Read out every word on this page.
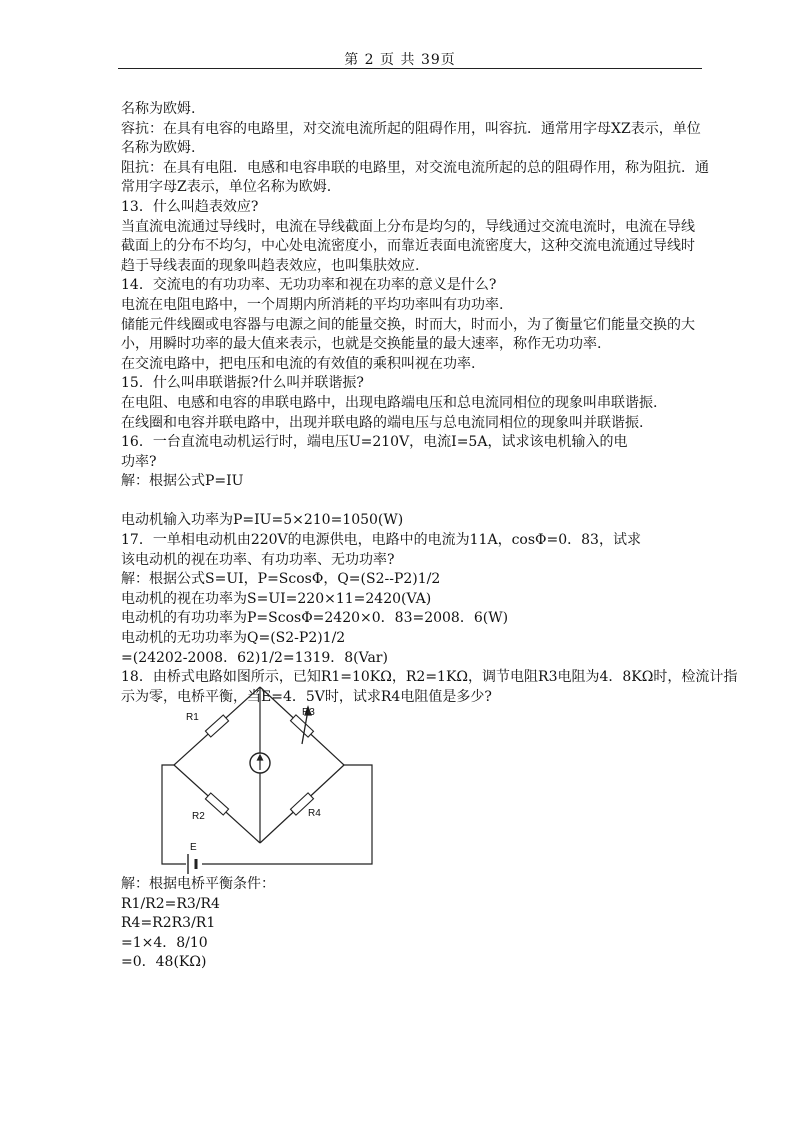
第 2 页 共 39页
名称为欧姆.
容抗：在具有电容的电路里，对交流电流所起的阻碍作用，叫容抗．通常用字母XZ表示，单位
名称为欧姆.
阻抗：在具有电阻．电感和电容串联的电路里，对交流电流所起的总的阻碍作用，称为阻抗．通
常用字母Z表示，单位名称为欧姆.
13．什么叫趋表效应?
当直流电流通过导线时，电流在导线截面上分布是均匀的，导线通过交流电流时，电流在导线
截面上的分布不均匀，中心处电流密度小，而靠近表面电流密度大，这种交流电流通过导线时
趋于导线表面的现象叫趋表效应，也叫集肤效应.
14．交流电的有功功率、无功功率和视在功率的意义是什么?
电流在电阻电路中，一个周期内所消耗的平均功率叫有功功率.
储能元件线圈或电容器与电源之间的能量交换，时而大，时而小，为了衡量它们能量交换的大
小，用瞬时功率的最大值来表示，也就是交换能量的最大速率，称作无功功率.
在交流电路中，把电压和电流的有效值的乘积叫视在功率.
15．什么叫串联谐振?什么叫并联谐振?
在电阻、电感和电容的串联电路中，出现电路端电压和总电流同相位的现象叫串联谐振.
在线圈和电容并联电路中，出现并联电路的端电压与总电流同相位的现象叫并联谐振.
16．一台直流电动机运行时，端电压U=210V，电流I=5A，试求该电机输入的电
功率?
解：根据公式P=IU
电动机输入功率为P=IU=5×210=1050(W)
17．一单相电动机由220V的电源供电，电路中的电流为11A，cosΦ=0．83，试求
该电动机的视在功率、有功功率、无功功率?
解：根据公式S=UI，P=ScosΦ，Q=(S2--P2)1/2
电动机的视在功率为S=UI=220×11=2420(VA)
电动机的有功功率为P=ScosΦ=2420×0．83=2008．6(W)
电动机的无功功率为Q=(S2-P2)1/2
=(24202-2008．62)1/2=1319．8(Var)
18．由桥式电路如图所示，已知R1=10KΩ，R2=1KΩ，调节电阻R3电阻为4．8KΩ时，检流计指
示为零，电桥平衡，当E=4．5V时，试求R4电阻值是多少?
R1	R3
R2	R4
E
解：根据电桥平衡条件：
R1/R2=R3/R4
R4=R2R3/R1
=1×4．8/10
=0．48(KΩ)
